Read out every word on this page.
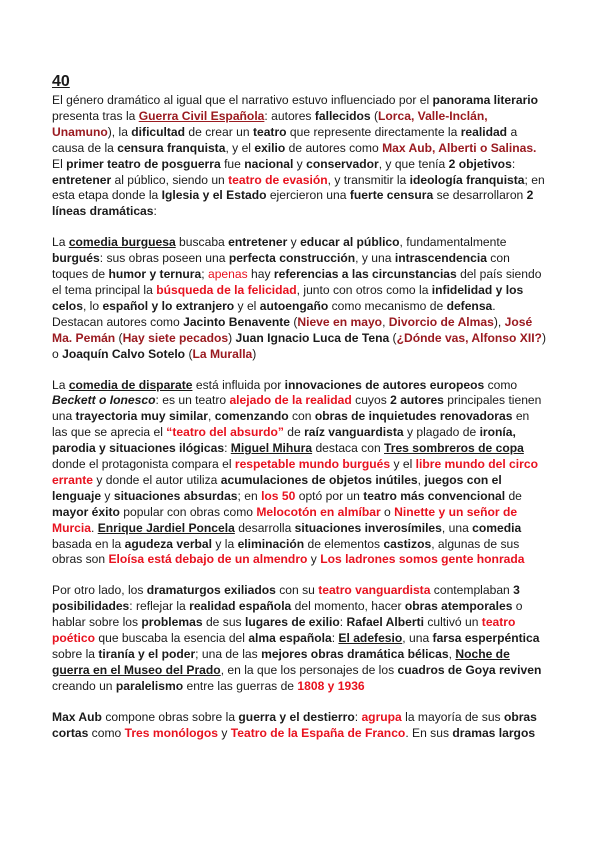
40

El género dramático al igual que el narrativo estuvo influenciado por el panorama literario presenta tras la Guerra Civil Española: autores fallecidos (Lorca, Valle-Inclán, Unamuno), la dificultad de crear un teatro que represente directamente la realidad a causa de la censura franquista, y el exilio de autores como Max Aub, Alberti o Salinas. El primer teatro de posguerra fue nacional y conservador, y que tenía 2 objetivos: entretener al público, siendo un teatro de evasión, y transmitir la ideología franquista; en esta etapa donde la Iglesia y el Estado ejercieron una fuerte censura se desarrollaron 2 líneas dramáticas:

La comedia burguesa buscaba entretener y educar al público, fundamentalmente burgués: sus obras poseen una perfecta construcción, y una intrascendencia con toques de humor y ternura; apenas hay referencias a las circunstancias del país siendo el tema principal la búsqueda de la felicidad, junto con otros como la infidelidad y los celos, lo español y lo extranjero y el autoengaño como mecanismo de defensa. Destacan autores como Jacinto Benavente (Nieve en mayo, Divorcio de Almas), José Ma. Pemán (Hay siete pecados) Juan Ignacio Luca de Tena (¿Dónde vas, Alfonso XII?) o Joaquín Calvo Sotelo (La Muralla)

La comedia de disparate está influida por innovaciones de autores europeos como Beckett o Ionesco: es un teatro alejado de la realidad cuyos 2 autores principales tienen una trayectoria muy similar, comenzando con obras de inquietudes renovadoras en las que se aprecia el “teatro del absurdo” de raíz vanguardista y plagado de ironía, parodia y situaciones ilógicas: Miguel Mihura destaca con Tres sombreros de copa donde el protagonista compara el respetable mundo burgués y el libre mundo del circo errante y donde el autor utiliza acumulaciones de objetos inútiles, juegos con el lenguaje y situaciones absurdas; en los 50 optó por un teatro más convencional de mayor éxito popular con obras como Melocotón en almíbar o Ninette y un señor de Murcia. Enrique Jardiel Poncela desarrolla situaciones inverosímiles, una comedia basada en la agudeza verbal y la eliminación de elementos castizos, algunas de sus obras son Eloísa está debajo de un almendro y Los ladrones somos gente honrada

Por otro lado, los dramaturgos exiliados con su teatro vanguardista contemplaban 3 posibilidades: reflejar la realidad española del momento, hacer obras atemporales o hablar sobre los problemas de sus lugares de exilio: Rafael Alberti cultivó un teatro poético que buscaba la esencia del alma española: El adefesio, una farsa esperpéntica sobre la tiranía y el poder; una de las mejores obras dramática bélicas, Noche de guerra en el Museo del Prado, en la que los personajes de los cuadros de Goya reviven creando un paralelismo entre las guerras de 1808 y 1936

Max Aub compone obras sobre la guerra y el destierro: agrupa la mayoría de sus obras cortas como Tres monólogos y Teatro de la España de Franco. En sus dramas largos
